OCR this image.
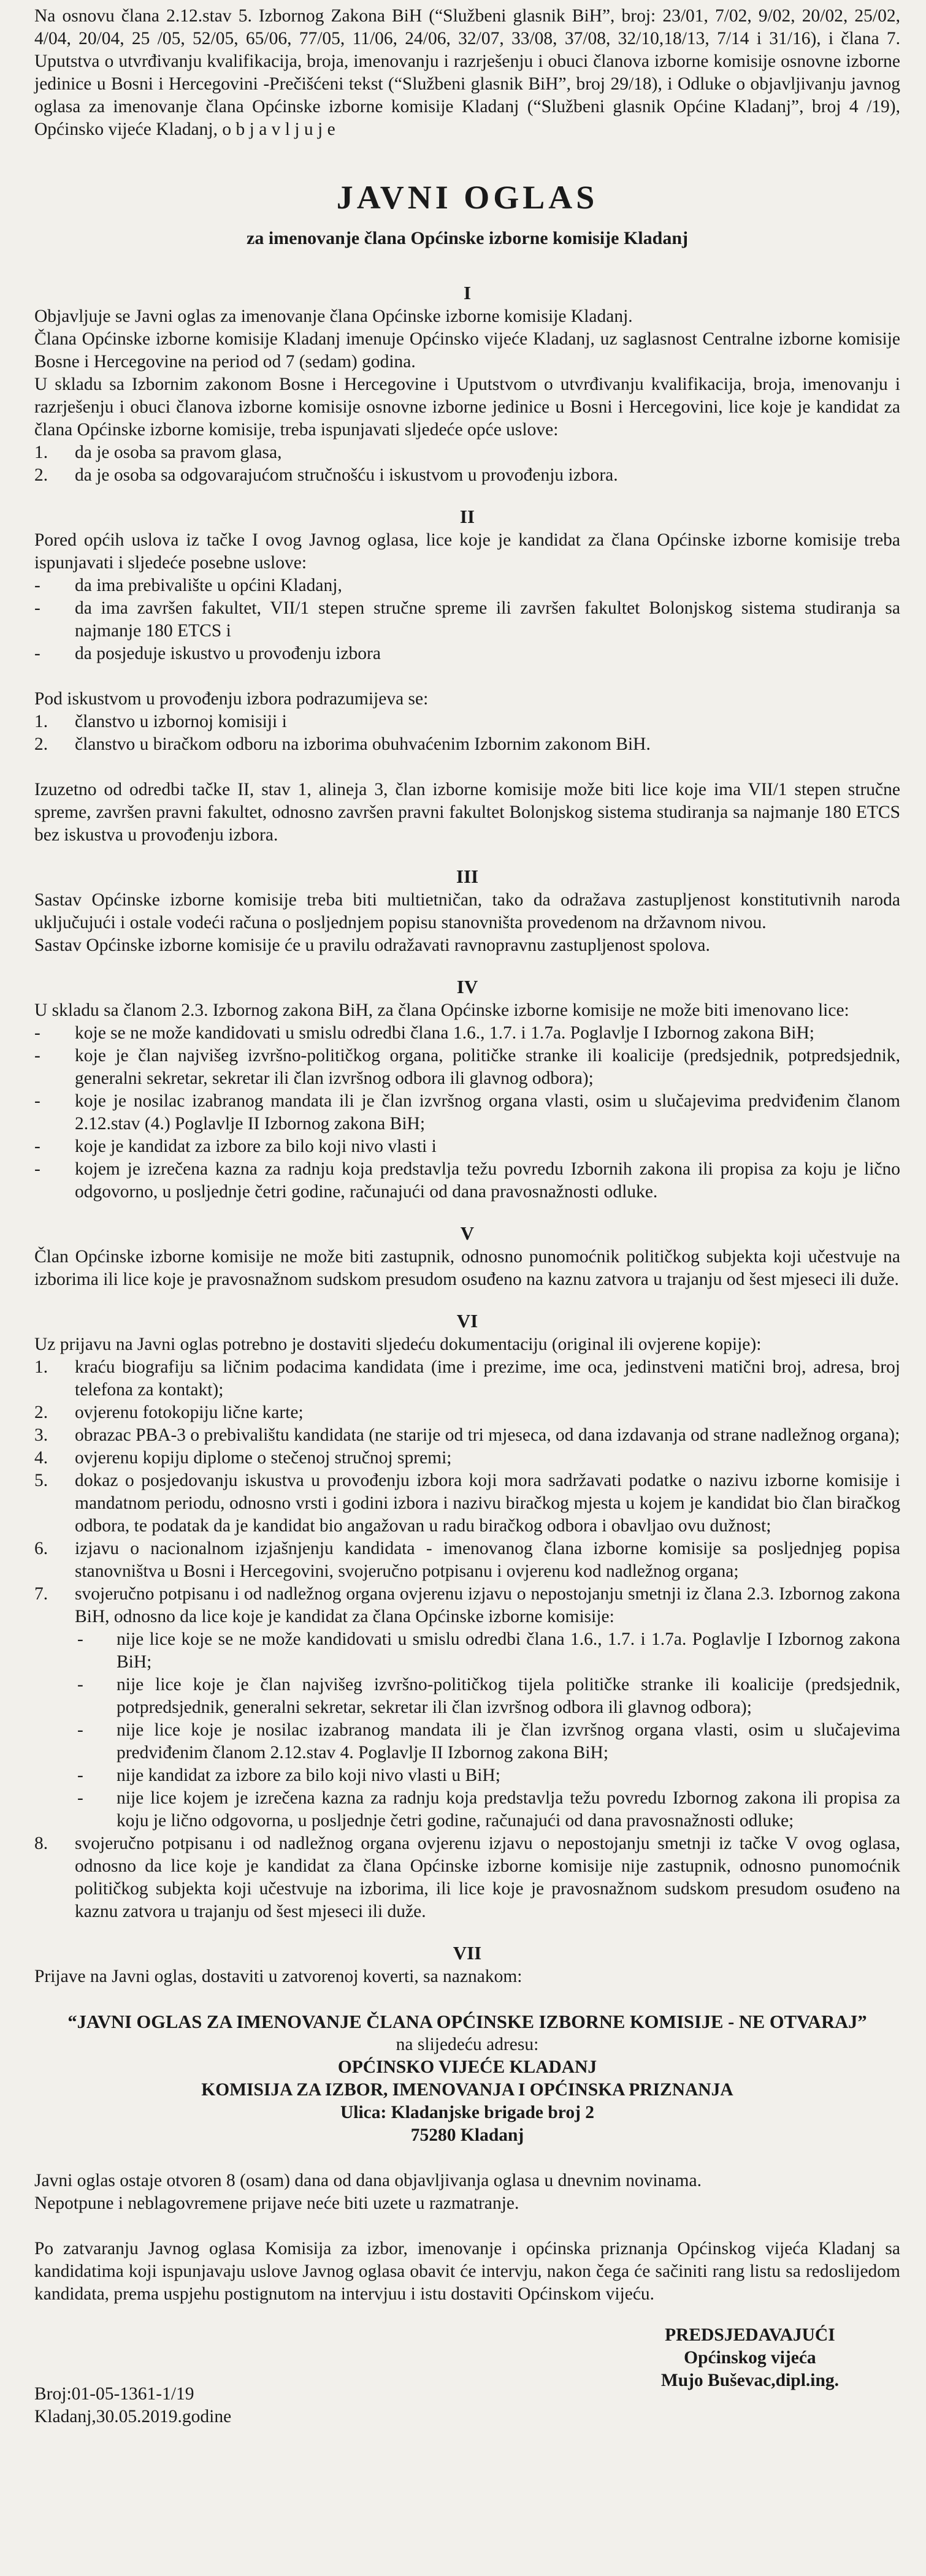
Na osnovu člana 2.12.stav 5. Izbornog Zakona BiH (“Službeni glasnik BiH”, broj: 23/01, 7/02, 9/02, 20/02, 25/02, 4/04, 20/04, 25 /05, 52/05, 65/06, 77/05, 11/06, 24/06, 32/07, 33/08, 37/08, 32/10,18/13, 7/14 i 31/16), i člana 7. Uputstva o utvrđivanju kvalifikacija, broja, imenovanju i razrješenju i obuci članova izborne komisije osnovne izborne jedinice u Bosni i Hercegovini -Prečišćeni tekst (“Službeni glasnik BiH”, broj 29/18), i Odluke o objavljivanju javnog oglasa za imenovanje člana Općinske izborne komisije Kladanj (“Službeni glasnik Općine Kladanj”, broj 4 /19), Općinsko vijeće Kladanj, o b j a v l j u j e

JAVNI OGLAS
za imenovanje člana Općinske izborne komisije Kladanj
I

Objavljuje se Javni oglas za imenovanje člana Općinske izborne komisije Kladanj.

Člana Općinske izborne komisije Kladanj imenuje Općinsko vijeće Kladanj, uz saglasnost Centralne izborne komisije Bosne i Hercegovine na period od 7 (sedam) godina.

U skladu sa Izbornim zakonom Bosne i Hercegovine i Uputstvom o utvrđivanju kvalifikacija, broja, imenovanju i razrješenju i obuci članova izborne komisije osnovne izborne jedinice u Bosni i Hercegovini, lice koje je kandidat za člana Općinske izborne komisije, treba ispunjavati sljedeće opće uslove:

1.	da je osoba sa pravom glasa,
2.	da je osoba sa odgovarajućom stručnošću i iskustvom u provođenju izbora.
II

Pored općih uslova iz tačke I ovog Javnog oglasa, lice koje je kandidat za člana Općinske izborne komisije treba ispunjavati i sljedeće posebne uslove:

-	da ima prebivalište u općini Kladanj,
-	da ima završen fakultet, VII/1 stepen stručne spreme ili završen fakultet Bolonjskog sistema studiranja sa najmanje 180 ETCS i
-	da posjeduje iskustvo u provođenju izbora

Pod iskustvom u provođenju izbora podrazumijeva se:

1.	članstvo u izbornoj komisiji i
2.	članstvo u biračkom odboru na izborima obuhvaćenim Izbornim zakonom BiH.

Izuzetno od odredbi tačke II, stav 1, alineja 3, član izborne komisije može biti lice koje ima VII/1 stepen stručne spreme, završen pravni fakultet, odnosno završen pravni fakultet Bolonjskog sistema studiranja sa najmanje 180 ETCS bez iskustva u provođenju izbora.

III

Sastav Općinske izborne komisije treba biti multietničan, tako da odražava zastupljenost konstitutivnih naroda uključujući i ostale vodeći računa o posljednjem popisu stanovništa provedenom na državnom nivou.

Sastav Općinske izborne komisije će u pravilu odražavati ravnopravnu zastupljenost spolova.

IV

U skladu sa članom 2.3. Izbornog zakona BiH, za člana Općinske izborne komisije ne može biti imenovano lice:

-	koje se ne može kandidovati u smislu odredbi člana 1.6., 1.7. i 1.7a. Poglavlje I Izbornog zakona BiH;
-	koje je član najvišeg izvršno-političkog organa, političke stranke ili koalicije (predsjednik, potpredsjednik, generalni sekretar, sekretar ili član izvršnog odbora ili glavnog odbora);
-	koje je nosilac izabranog mandata ili je član izvršnog organa vlasti, osim u slučajevima predviđenim članom 2.12.stav (4.) Poglavlje II Izbornog zakona BiH;
-	koje je kandidat za izbore za bilo koji nivo vlasti i
-	kojem je izrečena kazna za radnju koja predstavlja težu povredu Izbornih zakona ili propisa za koju je lično odgovorno, u posljednje četri godine, računajući od dana pravosnažnosti odluke.
V

Član Općinske izborne komisije ne može biti zastupnik, odnosno punomoćnik političkog subjekta koji učestvuje na izborima ili lice koje je pravosnažnom sudskom presudom osuđeno na kaznu zatvora u trajanju od šest mjeseci ili duže.

VI

Uz prijavu na Javni oglas potrebno je dostaviti sljedeću dokumentaciju (original ili ovjerene kopije):

1.	kraću biografiju sa ličnim podacima kandidata (ime i prezime, ime oca, jedinstveni matični broj, adresa, broj telefona za kontakt);
2.	ovjerenu fotokopiju lične karte;
3.	obrazac PBA-3 o prebivalištu kandidata (ne starije od tri mjeseca, od dana izdavanja od strane nadležnog organa);
4.	ovjerenu kopiju diplome o stečenoj stručnoj spremi;
5.	dokaz o posjedovanju iskustva u provođenju izbora koji mora sadržavati podatke o nazivu izborne komisije i mandatnom periodu, odnosno vrsti i godini izbora i nazivu biračkog mjesta u kojem je kandidat bio član biračkog odbora, te podatak da je kandidat bio angažovan u radu biračkog odbora i obavljao ovu dužnost;
6.	izjavu o nacionalnom izjašnjenju kandidata - imenovanog člana izborne komisije sa posljednjeg popisa stanovništva u Bosni i Hercegovini, svojeručno potpisanu i ovjerenu kod nadležnog organa;
7.	svojeručno potpisanu i od nadležnog organa ovjerenu izjavu o nepostojanju smetnji iz člana 2.3. Izbornog zakona BiH, odnosno da lice koje je kandidat za člana Općinske izborne komisije:
- nije lice koje se ne može kandidovati u smislu odredbi člana 1.6., 1.7. i 1.7a. Poglavlje I Izbornog zakona BiH;
- nije lice koje je član najvišeg izvršno-političkog tijela političke stranke ili koalicije (predsjednik, potpredsjednik, generalni sekretar, sekretar ili član izvršnog odbora ili glavnog odbora);
- nije lice koje je nosilac izabranog mandata ili je član izvršnog organa vlasti, osim u slučajevima predviđenim članom 2.12.stav 4. Poglavlje II Izbornog zakona BiH;
- nije kandidat za izbore za bilo koji nivo vlasti u BiH;
- nije lice kojem je izrečena kazna za radnju koja predstavlja težu povredu Izbornog zakona ili propisa za koju je lično odgovorna, u posljednje četri godine, računajući od dana pravosnažnosti odluke;
8.	svojeručno potpisanu i od nadležnog organa ovjerenu izjavu o nepostojanju smetnji iz tačke V ovog oglasa, odnosno da lice koje je kandidat za člana Općinske izborne komisije nije zastupnik, odnosno punomoćnik političkog subjekta koji učestvuje na izborima, ili lice koje je pravosnažnom sudskom presudom osuđeno na kaznu zatvora u trajanju od šest mjeseci ili duže.
VII

Prijave na Javni oglas, dostaviti u zatvorenoj koverti, sa naznakom:

“JAVNI OGLAS ZA IMENOVANJE ČLANA OPĆINSKE IZBORNE KOMISIJE - NE OTVARAJ”
na slijedeću adresu:
OPĆINSKO VIJEĆE KLADANJ
KOMISIJA ZA IZBOR, IMENOVANJA I OPĆINSKA PRIZNANJA
Ulica: Kladanjske brigade broj 2
75280 Kladanj

Javni oglas ostaje otvoren 8 (osam) dana od dana objavljivanja oglasa u dnevnim novinama.

Nepotpune i neblagovremene prijave neće biti uzete u razmatranje.

Po zatvaranju Javnog oglasa Komisija za izbor, imenovanje i općinska priznanja Općinskog vijeća Kladanj sa kandidatima koji ispunjavaju uslove Javnog oglasa obavit će intervju, nakon čega će sačiniti rang listu sa redoslijedom kandidata, prema uspjehu postignutom na intervjuu i istu dostaviti Općinskom vijeću.

Broj:01-05-1361-1/19
Kladanj,30.05.2019.godine
PREDSJEDAVAJUĆI
Općinskog vijeća
Mujo Buševac,dipl.ing.
